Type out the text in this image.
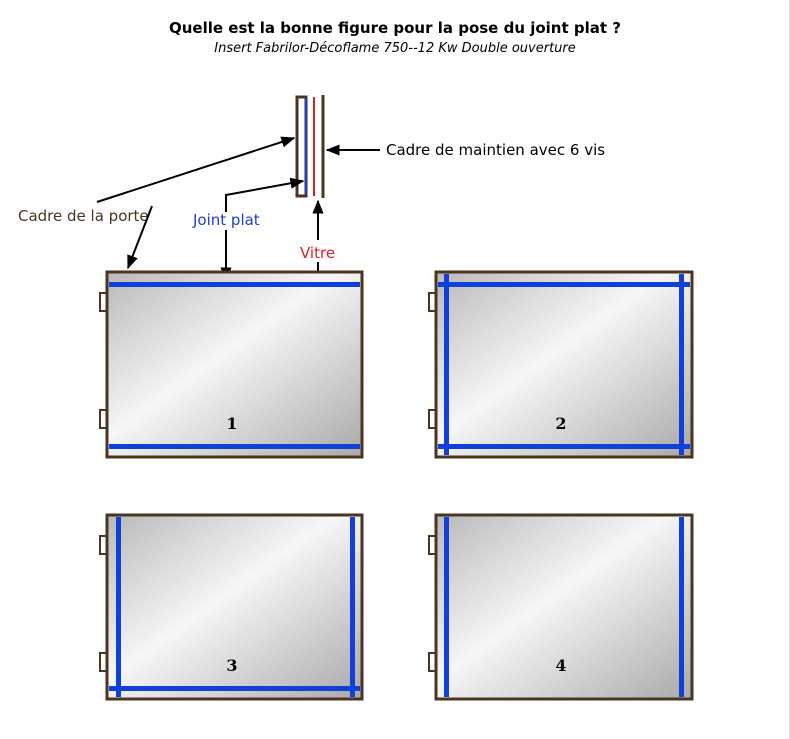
Quelle est la bonne figure pour la pose du joint plat ?
Insert Fabrilor-Décoflame 750--12 Kw Double ouverture
Cadre de la porte	Joint plat
Vitre
Cadre de maintien avec 6 vis
1	2
3	4
